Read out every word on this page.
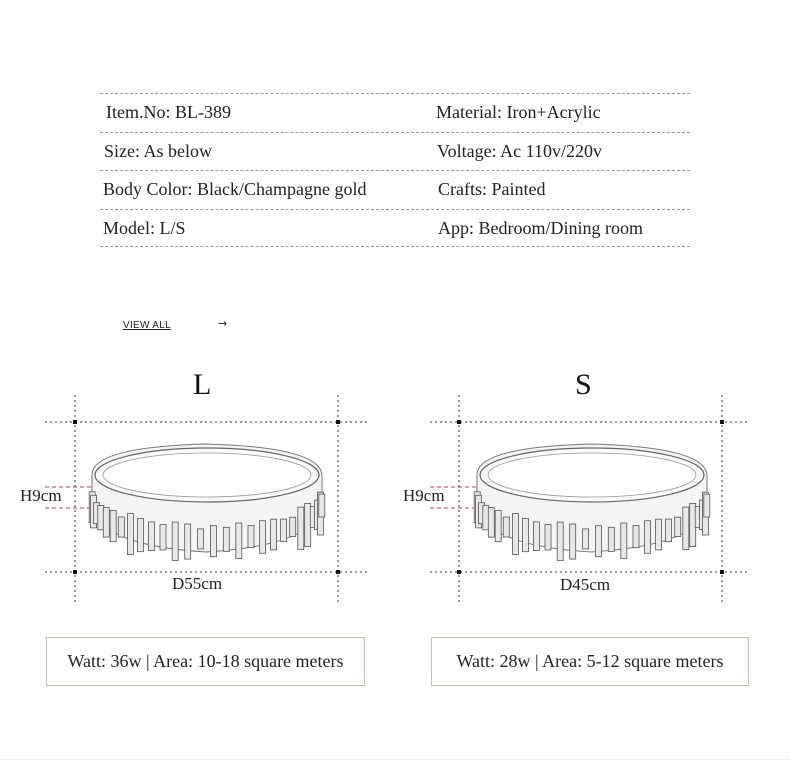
Item.No: BL-389	Material: Iron+Acrylic
Size: As below	Voltage: Ac 110v/220v
Body Color: Black/Champagne gold	Crafts: Painted
Model: L/S	App: Bedroom/Dining room
VIEW ALL	→
L
H9cm
D55cm
Watt: 36w | Area: 10-18 square meters
S
H9cm
D45cm
Watt: 28w | Area: 5-12 square meters
